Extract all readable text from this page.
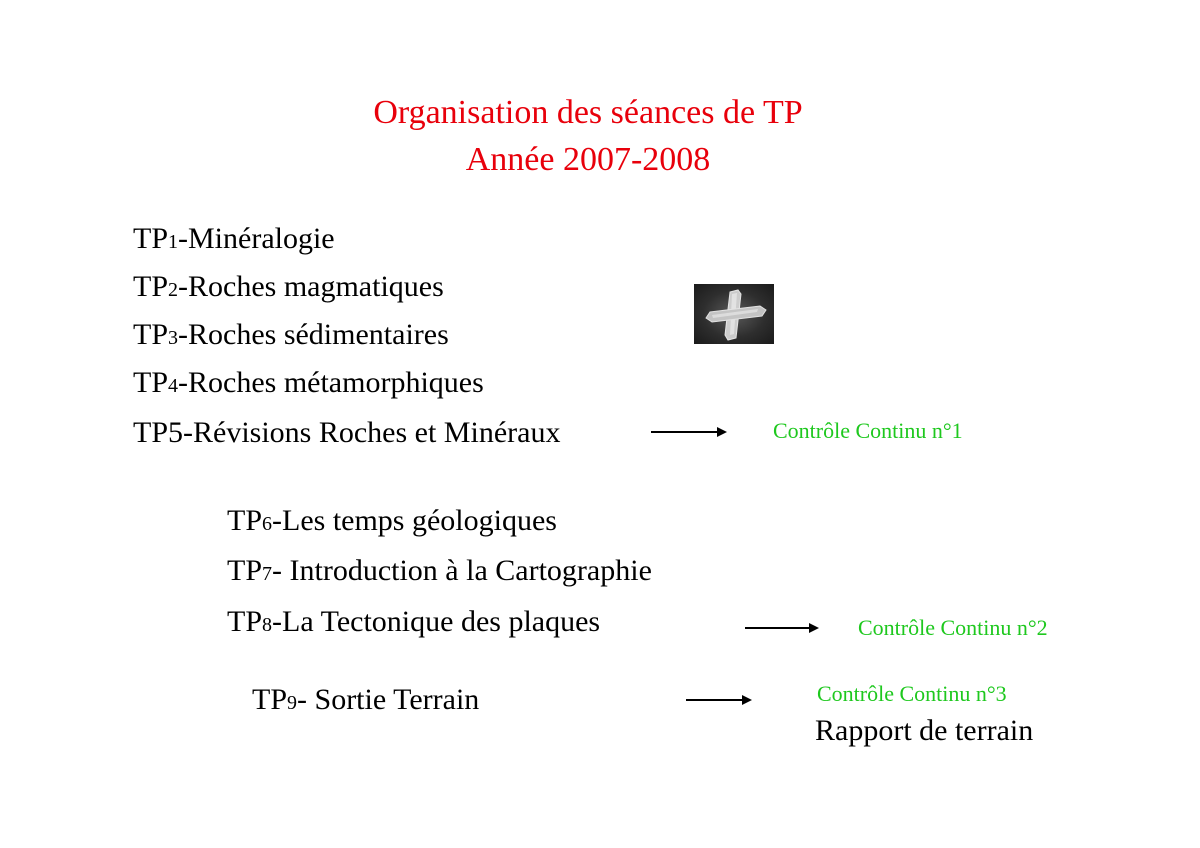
Organisation des séances de TP
Année 2007-2008
TP1-Minéralogie
TP2-Roches magmatiques
TP3-Roches sédimentaires
TP4-Roches métamorphiques
TP5-Révisions Roches et Minéraux	Contrôle Continu n°1
TP6-Les temps géologiques
TP7- Introduction à la Cartographie
TP8-La Tectonique des plaques	Contrôle Continu n°2
TP9- Sortie Terrain	Contrôle Continu n°3
Rapport de terrain
